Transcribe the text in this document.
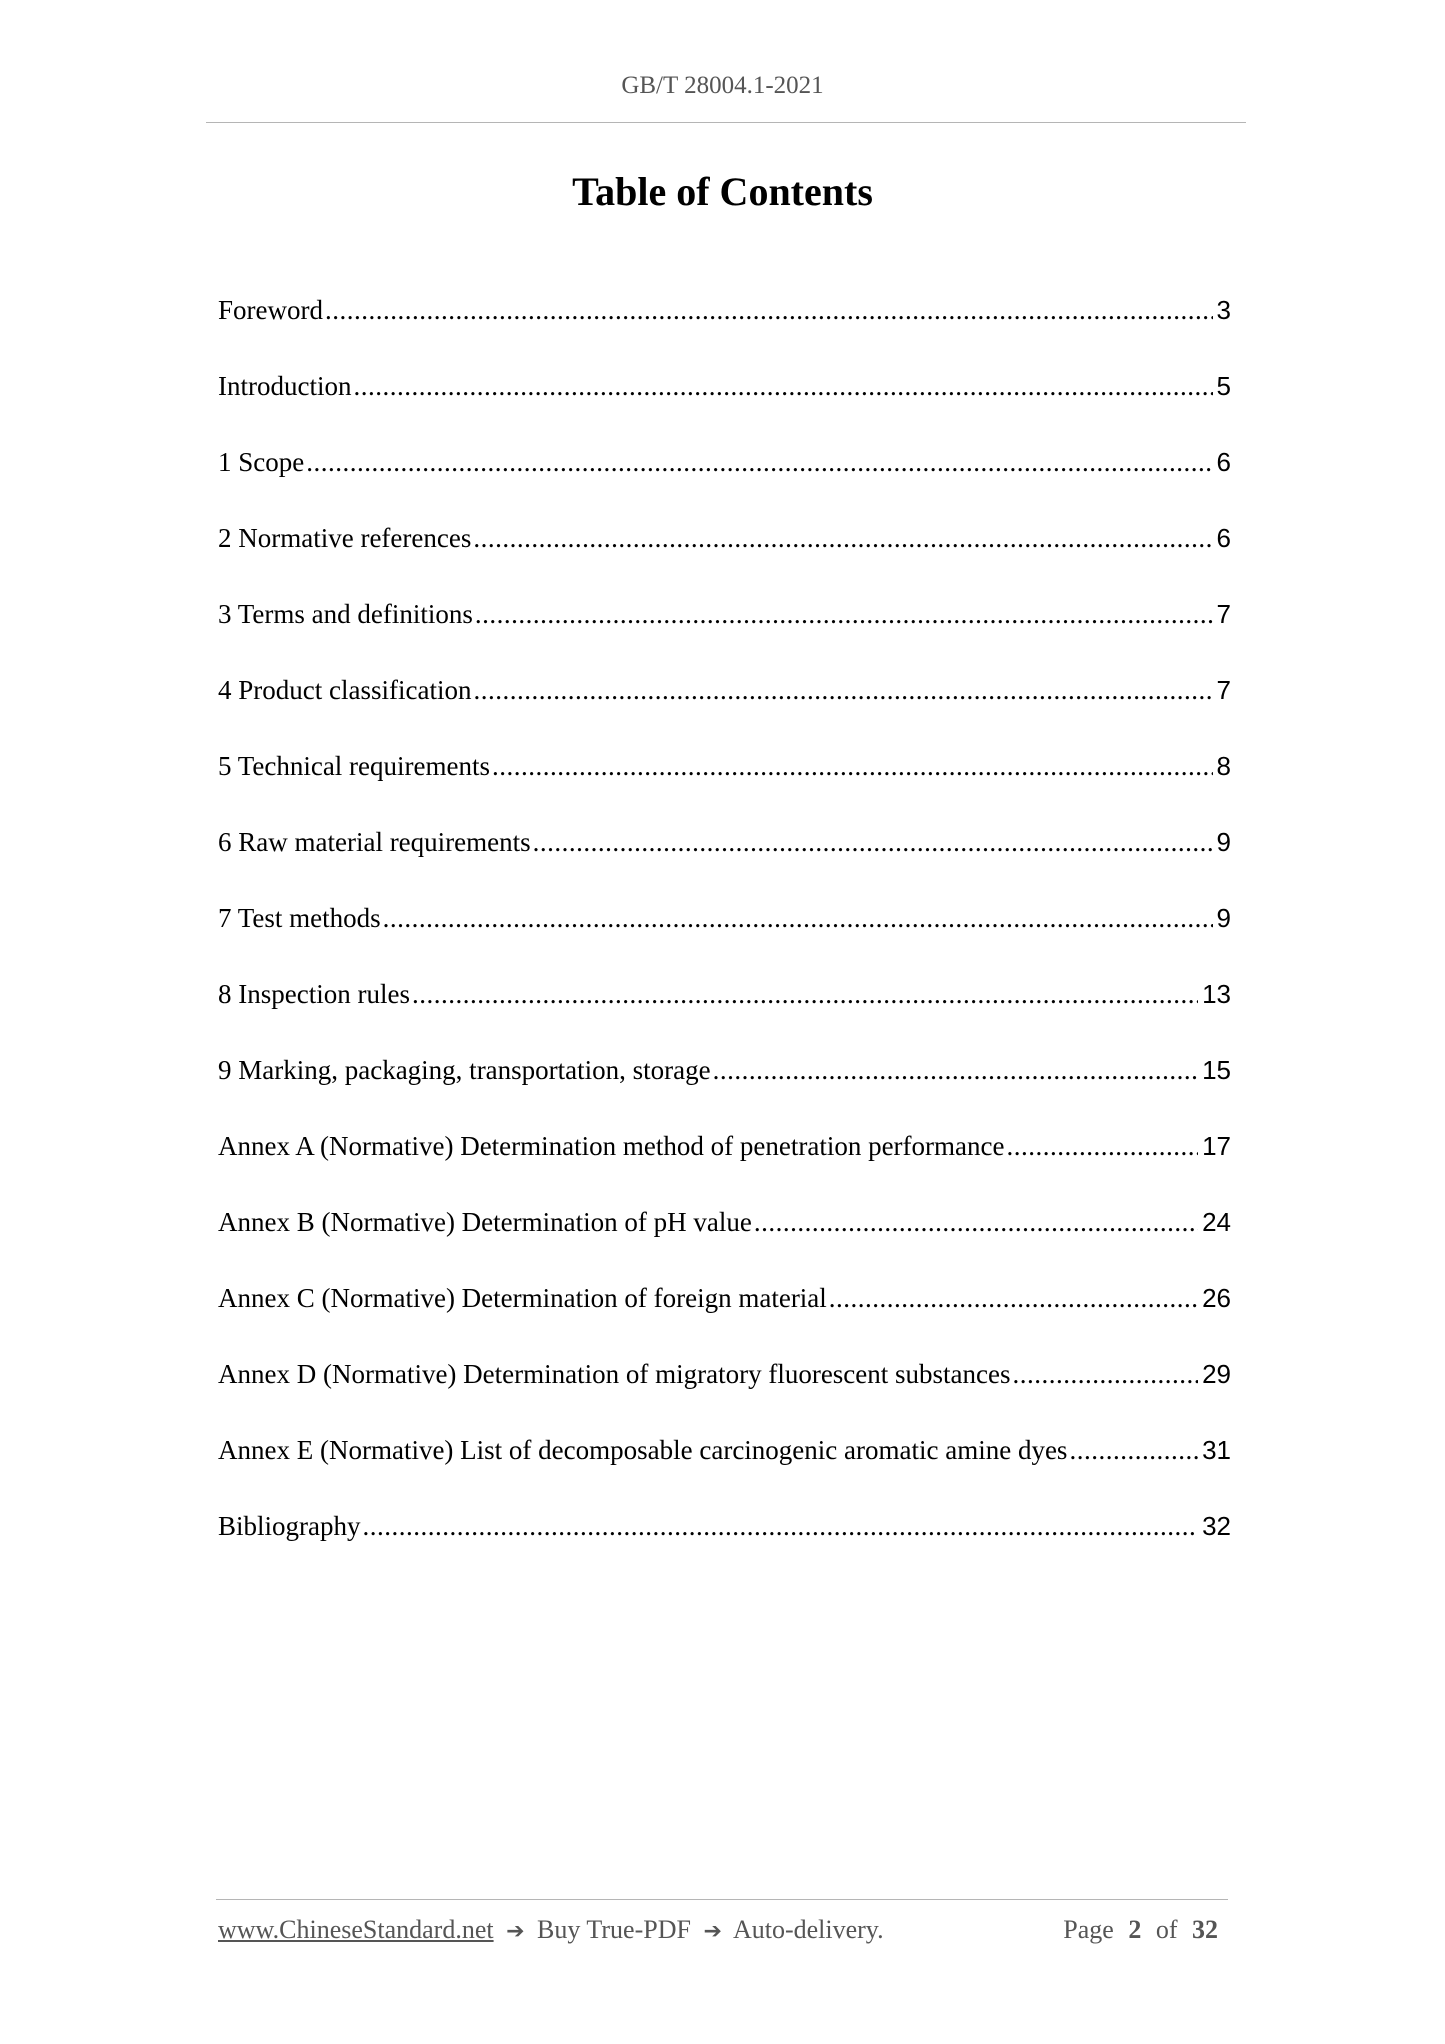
GB/T 28004.1-2021
Table of Contents
Foreword .....	3
Introduction .....	5
1 Scope .....	6
2 Normative references .....	6
3 Terms and definitions .....	7
4 Product classification .....	7
5 Technical requirements .....	8
6 Raw material requirements .....	9
7 Test methods .....	9
8 Inspection rules .....	13
9 Marking, packaging, transportation, storage .....	15
Annex A (Normative) Determination method of penetration performance .....	17
Annex B (Normative) Determination of pH value .....	24
Annex C (Normative) Determination of foreign material .....	26
Annex D (Normative) Determination of migratory fluorescent substances .....	29
Annex E (Normative) List of decomposable carcinogenic aromatic amine dyes .....	31
Bibliography .....	32
www.ChineseStandard.net ➔ Buy True-PDF ➔ Auto-delivery.	Page 2 of 32
